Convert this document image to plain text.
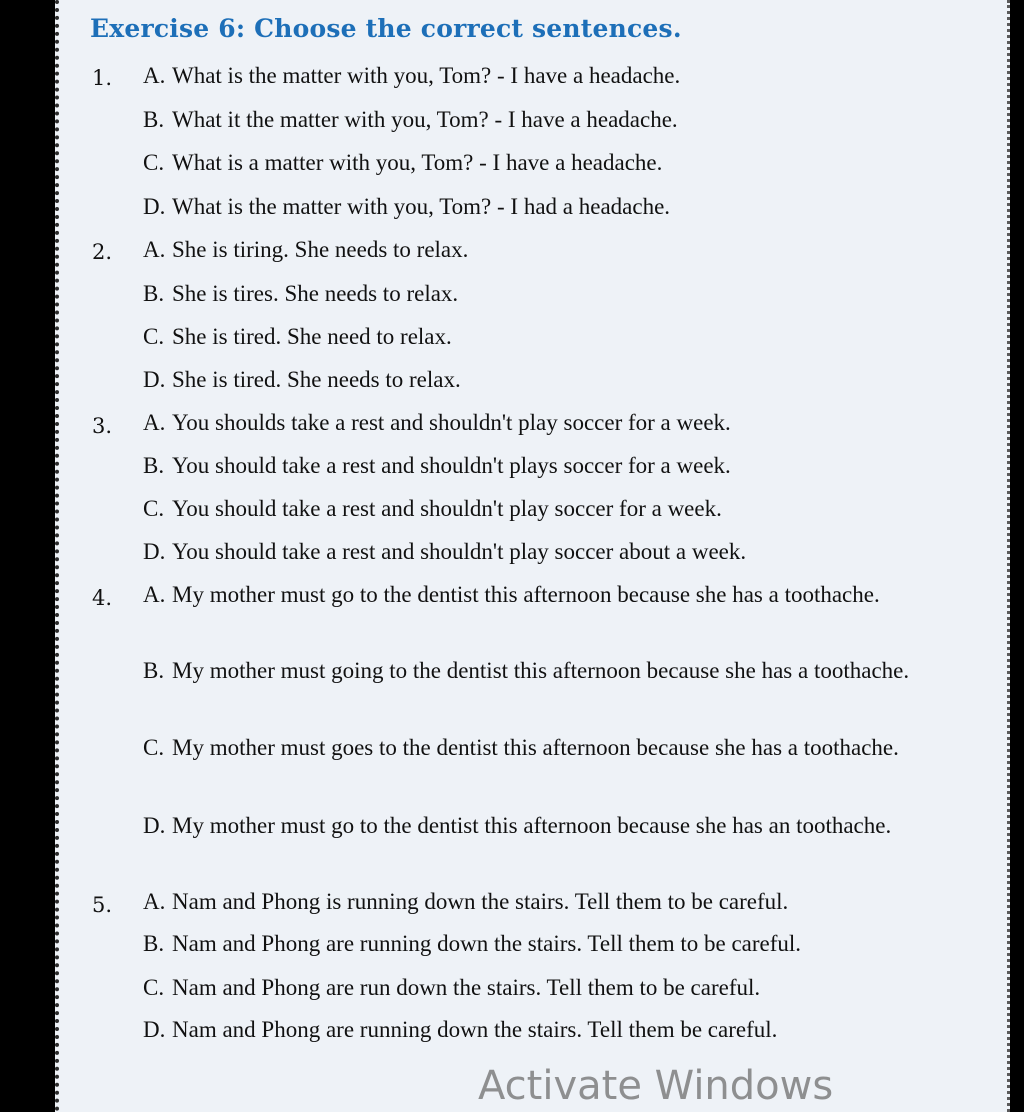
Exercise 6: Choose the correct sentences.
1. A. What is the matter with you, Tom? - I have a headache.
B. What it the matter with you, Tom? - I have a headache.
C. What is a matter with you, Tom? - I have a headache.
D. What is the matter with you, Tom? - I had a headache.
2. A. She is tiring. She needs to relax.
B. She is tires. She needs to relax.
C. She is tired. She need to relax.
D. She is tired. She needs to relax.
3. A. You shoulds take a rest and shouldn't play soccer for a week.
B. You should take a rest and shouldn't plays soccer for a week.
C. You should take a rest and shouldn't play soccer for a week.
D. You should take a rest and shouldn't play soccer about a week.
4. A. My mother must go to the dentist this afternoon because she has a toothache.
B. My mother must going to the dentist this afternoon because she has a toothache.
C. My mother must goes to the dentist this afternoon because she has a toothache.
D. My mother must go to the dentist this afternoon because she has an toothache.
5. A. Nam and Phong is running down the stairs. Tell them to be careful.
B. Nam and Phong are running down the stairs. Tell them to be careful.
C. Nam and Phong are run down the stairs. Tell them to be careful.
D. Nam and Phong are running down the stairs. Tell them be careful.
Activate Windows
